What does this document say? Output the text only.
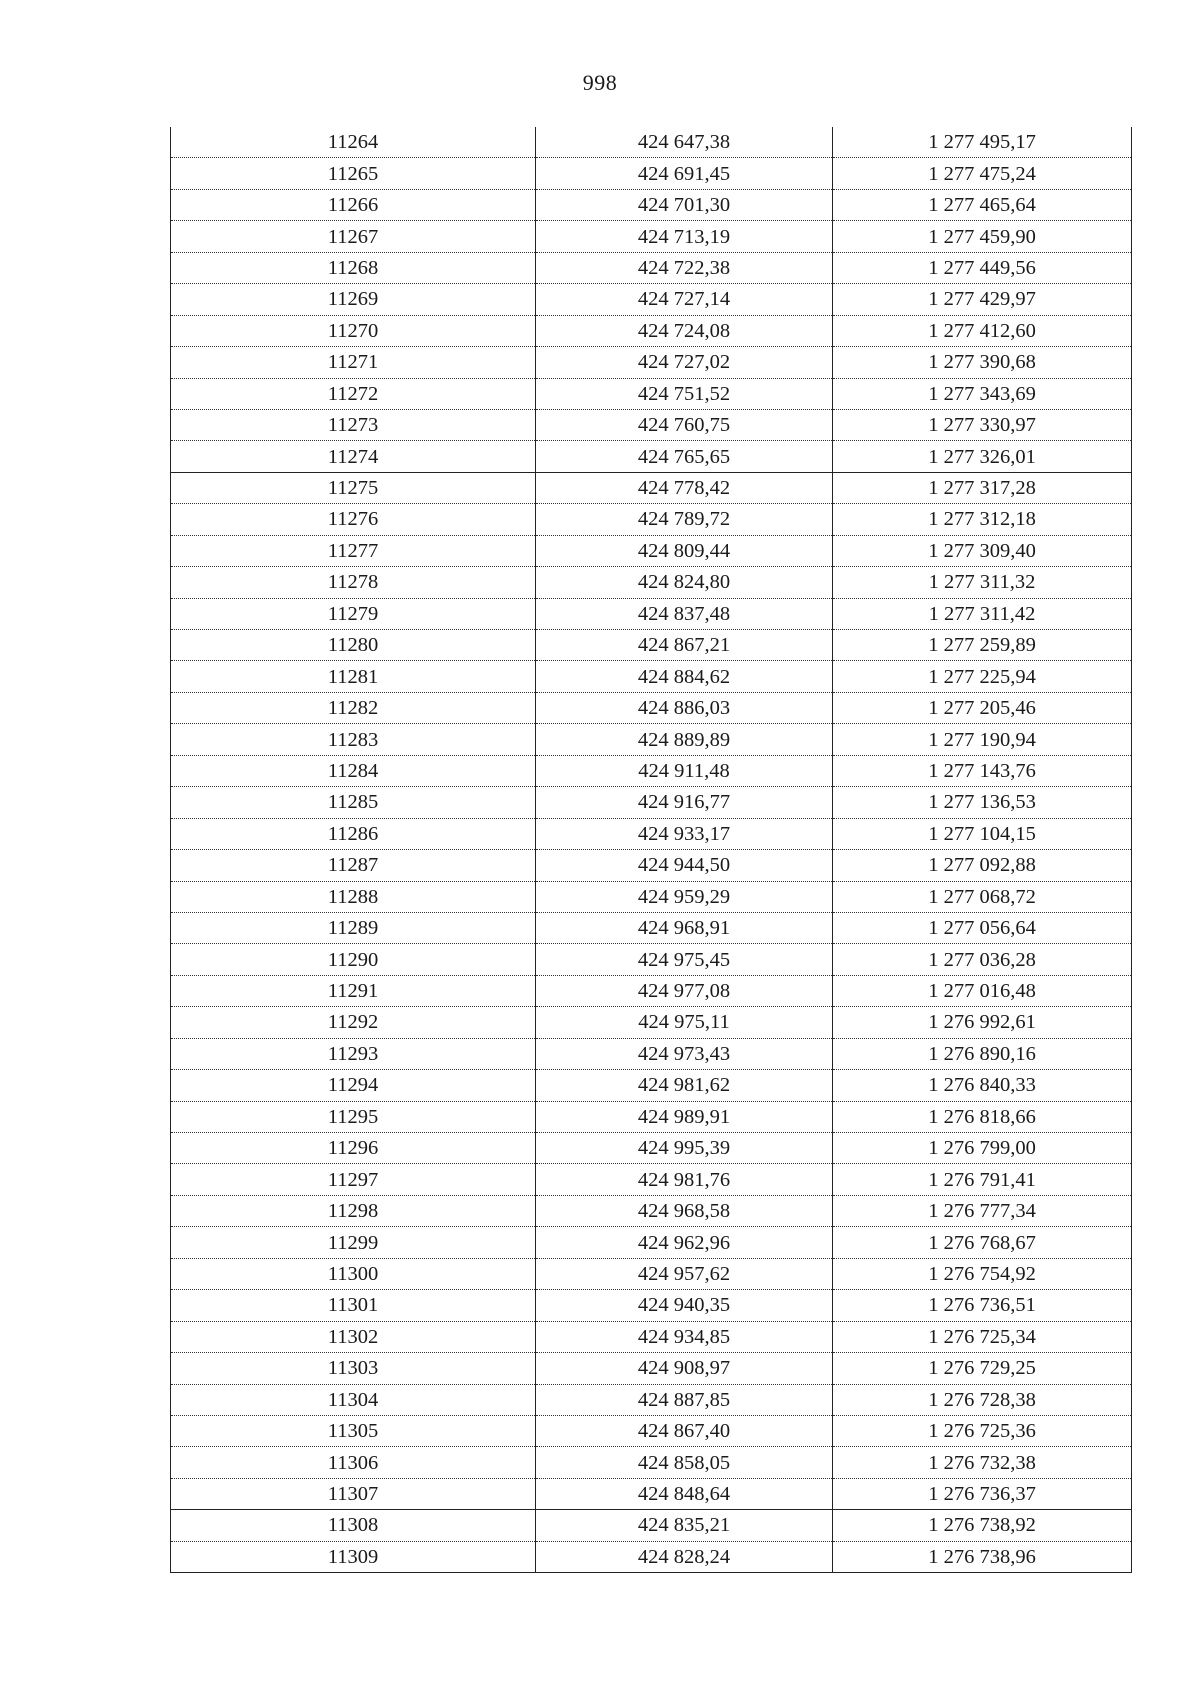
998
11264	424 647,38	1 277 495,17
11265	424 691,45	1 277 475,24
11266	424 701,30	1 277 465,64
11267	424 713,19	1 277 459,90
11268	424 722,38	1 277 449,56
11269	424 727,14	1 277 429,97
11270	424 724,08	1 277 412,60
11271	424 727,02	1 277 390,68
11272	424 751,52	1 277 343,69
11273	424 760,75	1 277 330,97
11274	424 765,65	1 277 326,01
11275	424 778,42	1 277 317,28
11276	424 789,72	1 277 312,18
11277	424 809,44	1 277 309,40
11278	424 824,80	1 277 311,32
11279	424 837,48	1 277 311,42
11280	424 867,21	1 277 259,89
11281	424 884,62	1 277 225,94
11282	424 886,03	1 277 205,46
11283	424 889,89	1 277 190,94
11284	424 911,48	1 277 143,76
11285	424 916,77	1 277 136,53
11286	424 933,17	1 277 104,15
11287	424 944,50	1 277 092,88
11288	424 959,29	1 277 068,72
11289	424 968,91	1 277 056,64
11290	424 975,45	1 277 036,28
11291	424 977,08	1 277 016,48
11292	424 975,11	1 276 992,61
11293	424 973,43	1 276 890,16
11294	424 981,62	1 276 840,33
11295	424 989,91	1 276 818,66
11296	424 995,39	1 276 799,00
11297	424 981,76	1 276 791,41
11298	424 968,58	1 276 777,34
11299	424 962,96	1 276 768,67
11300	424 957,62	1 276 754,92
11301	424 940,35	1 276 736,51
11302	424 934,85	1 276 725,34
11303	424 908,97	1 276 729,25
11304	424 887,85	1 276 728,38
11305	424 867,40	1 276 725,36
11306	424 858,05	1 276 732,38
11307	424 848,64	1 276 736,37
11308	424 835,21	1 276 738,92
11309	424 828,24	1 276 738,96
